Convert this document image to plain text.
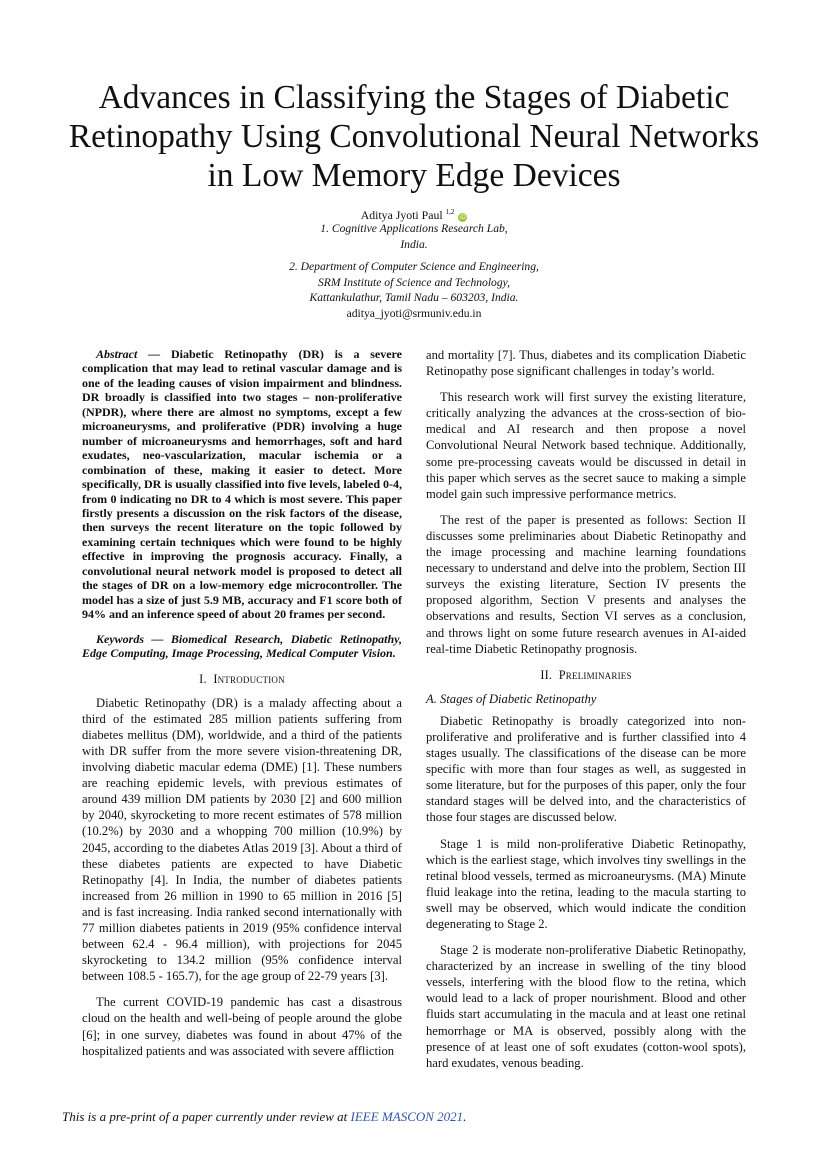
Advances in Classifying the Stages of Diabetic
Retinopathy Using Convolutional Neural Networks
in Low Memory Edge Devices
Aditya Jyoti Paul $^{1,2}$ iD
1. Cognitive Applications Research Lab,
India.
2. Department of Computer Science and Engineering,
SRM Institute of Science and Technology,
Kattankulathur, Tamil Nadu – 603203, India.
aditya_jyoti@srmuniv.edu.in

Abstract — Diabetic Retinopathy (DR) is a severe complication that may lead to retinal vascular damage and is one of the leading causes of vision impairment and blindness. DR broadly is classified into two stages – non-proliferative (NPDR), where there are almost no symptoms, except a few microaneurysms, and proliferative (PDR) involving a huge number of microaneurysms and hemorrhages, soft and hard exudates, neo-vascularization, macular ischemia or a combination of these, making it easier to detect. More specifically, DR is usually classified into five levels, labeled 0-4, from 0 indicating no DR to 4 which is most severe. This paper firstly presents a discussion on the risk factors of the disease, then surveys the recent literature on the topic followed by examining certain techniques which were found to be highly effective in improving the prognosis accuracy. Finally, a convolutional neural network model is proposed to detect all the stages of DR on a low-memory edge microcontroller. The model has a size of just 5.9 MB, accuracy and F1 score both of 94% and an inference speed of about 20 frames per second.

Keywords — Biomedical Research, Diabetic Retinopathy, Edge Computing, Image Processing, Medical Computer Vision.

I. Introduction

Diabetic Retinopathy (DR) is a malady affecting about a third of the estimated 285 million patients suffering from diabetes mellitus (DM), worldwide, and a third of the patients with DR suffer from the more severe vision-threatening DR, involving diabetic macular edema (DME) [1]. These numbers are reaching epidemic levels, with previous estimates of around 439 million DM patients by 2030 [2] and 600 million by 2040, skyrocketing to more recent estimates of 578 million (10.2%) by 2030 and a whopping 700 million (10.9%) by 2045, according to the diabetes Atlas 2019 [3]. About a third of these diabetes patients are expected to have Diabetic Retinopathy [4]. In India, the number of diabetes patients increased from 26 million in 1990 to 65 million in 2016 [5] and is fast increasing. India ranked second internationally with 77 million diabetes patients in 2019 (95% confidence interval between 62.4 - 96.4 million), with projections for 2045 skyrocketing to 134.2 million (95% confidence interval between 108.5 - 165.7), for the age group of 22-79 years [3].

The current COVID-19 pandemic has cast a disastrous cloud on the health and well-being of people around the globe [6]; in one survey, diabetes was found in about 47% of the hospitalized patients and was associated with severe affliction

and mortality [7]. Thus, diabetes and its complication Diabetic Retinopathy pose significant challenges in today’s world.

This research work will first survey the existing literature, critically analyzing the advances at the cross-section of bio-medical and AI research and then propose a novel Convolutional Neural Network based technique. Additionally, some pre-processing caveats would be discussed in detail in this paper which serves as the secret sauce to making a simple model gain such impressive performance metrics.

The rest of the paper is presented as follows: Section II discusses some preliminaries about Diabetic Retinopathy and the image processing and machine learning foundations necessary to understand and delve into the problem, Section III surveys the existing literature, Section IV presents the proposed algorithm, Section V presents and analyses the observations and results, Section VI serves as a conclusion, and throws light on some future research avenues in AI-aided real-time Diabetic Retinopathy prognosis.

II. Preliminaries
A. Stages of Diabetic Retinopathy

Diabetic Retinopathy is broadly categorized into non-proliferative and proliferative and is further classified into 4 stages usually. The classifications of the disease can be more specific with more than four stages as well, as suggested in some literature, but for the purposes of this paper, only the four standard stages will be delved into, and the characteristics of those four stages are discussed below.

Stage 1 is mild non-proliferative Diabetic Retinopathy, which is the earliest stage, which involves tiny swellings in the retinal blood vessels, termed as microaneurysms. (MA) Minute fluid leakage into the retina, leading to the macula starting to swell may be observed, which would indicate the condition degenerating to Stage 2.

Stage 2 is moderate non-proliferative Diabetic Retinopathy, characterized by an increase in swelling of the tiny blood vessels, interfering with the blood flow to the retina, which would lead to a lack of proper nourishment. Blood and other fluids start accumulating in the macula and at least one retinal hemorrhage or MA is observed, possibly along with the presence of at least one of soft exudates (cotton-wool spots), hard exudates, venous beading.

This is a pre-print of a paper currently under review at IEEE MASCON 2021.
